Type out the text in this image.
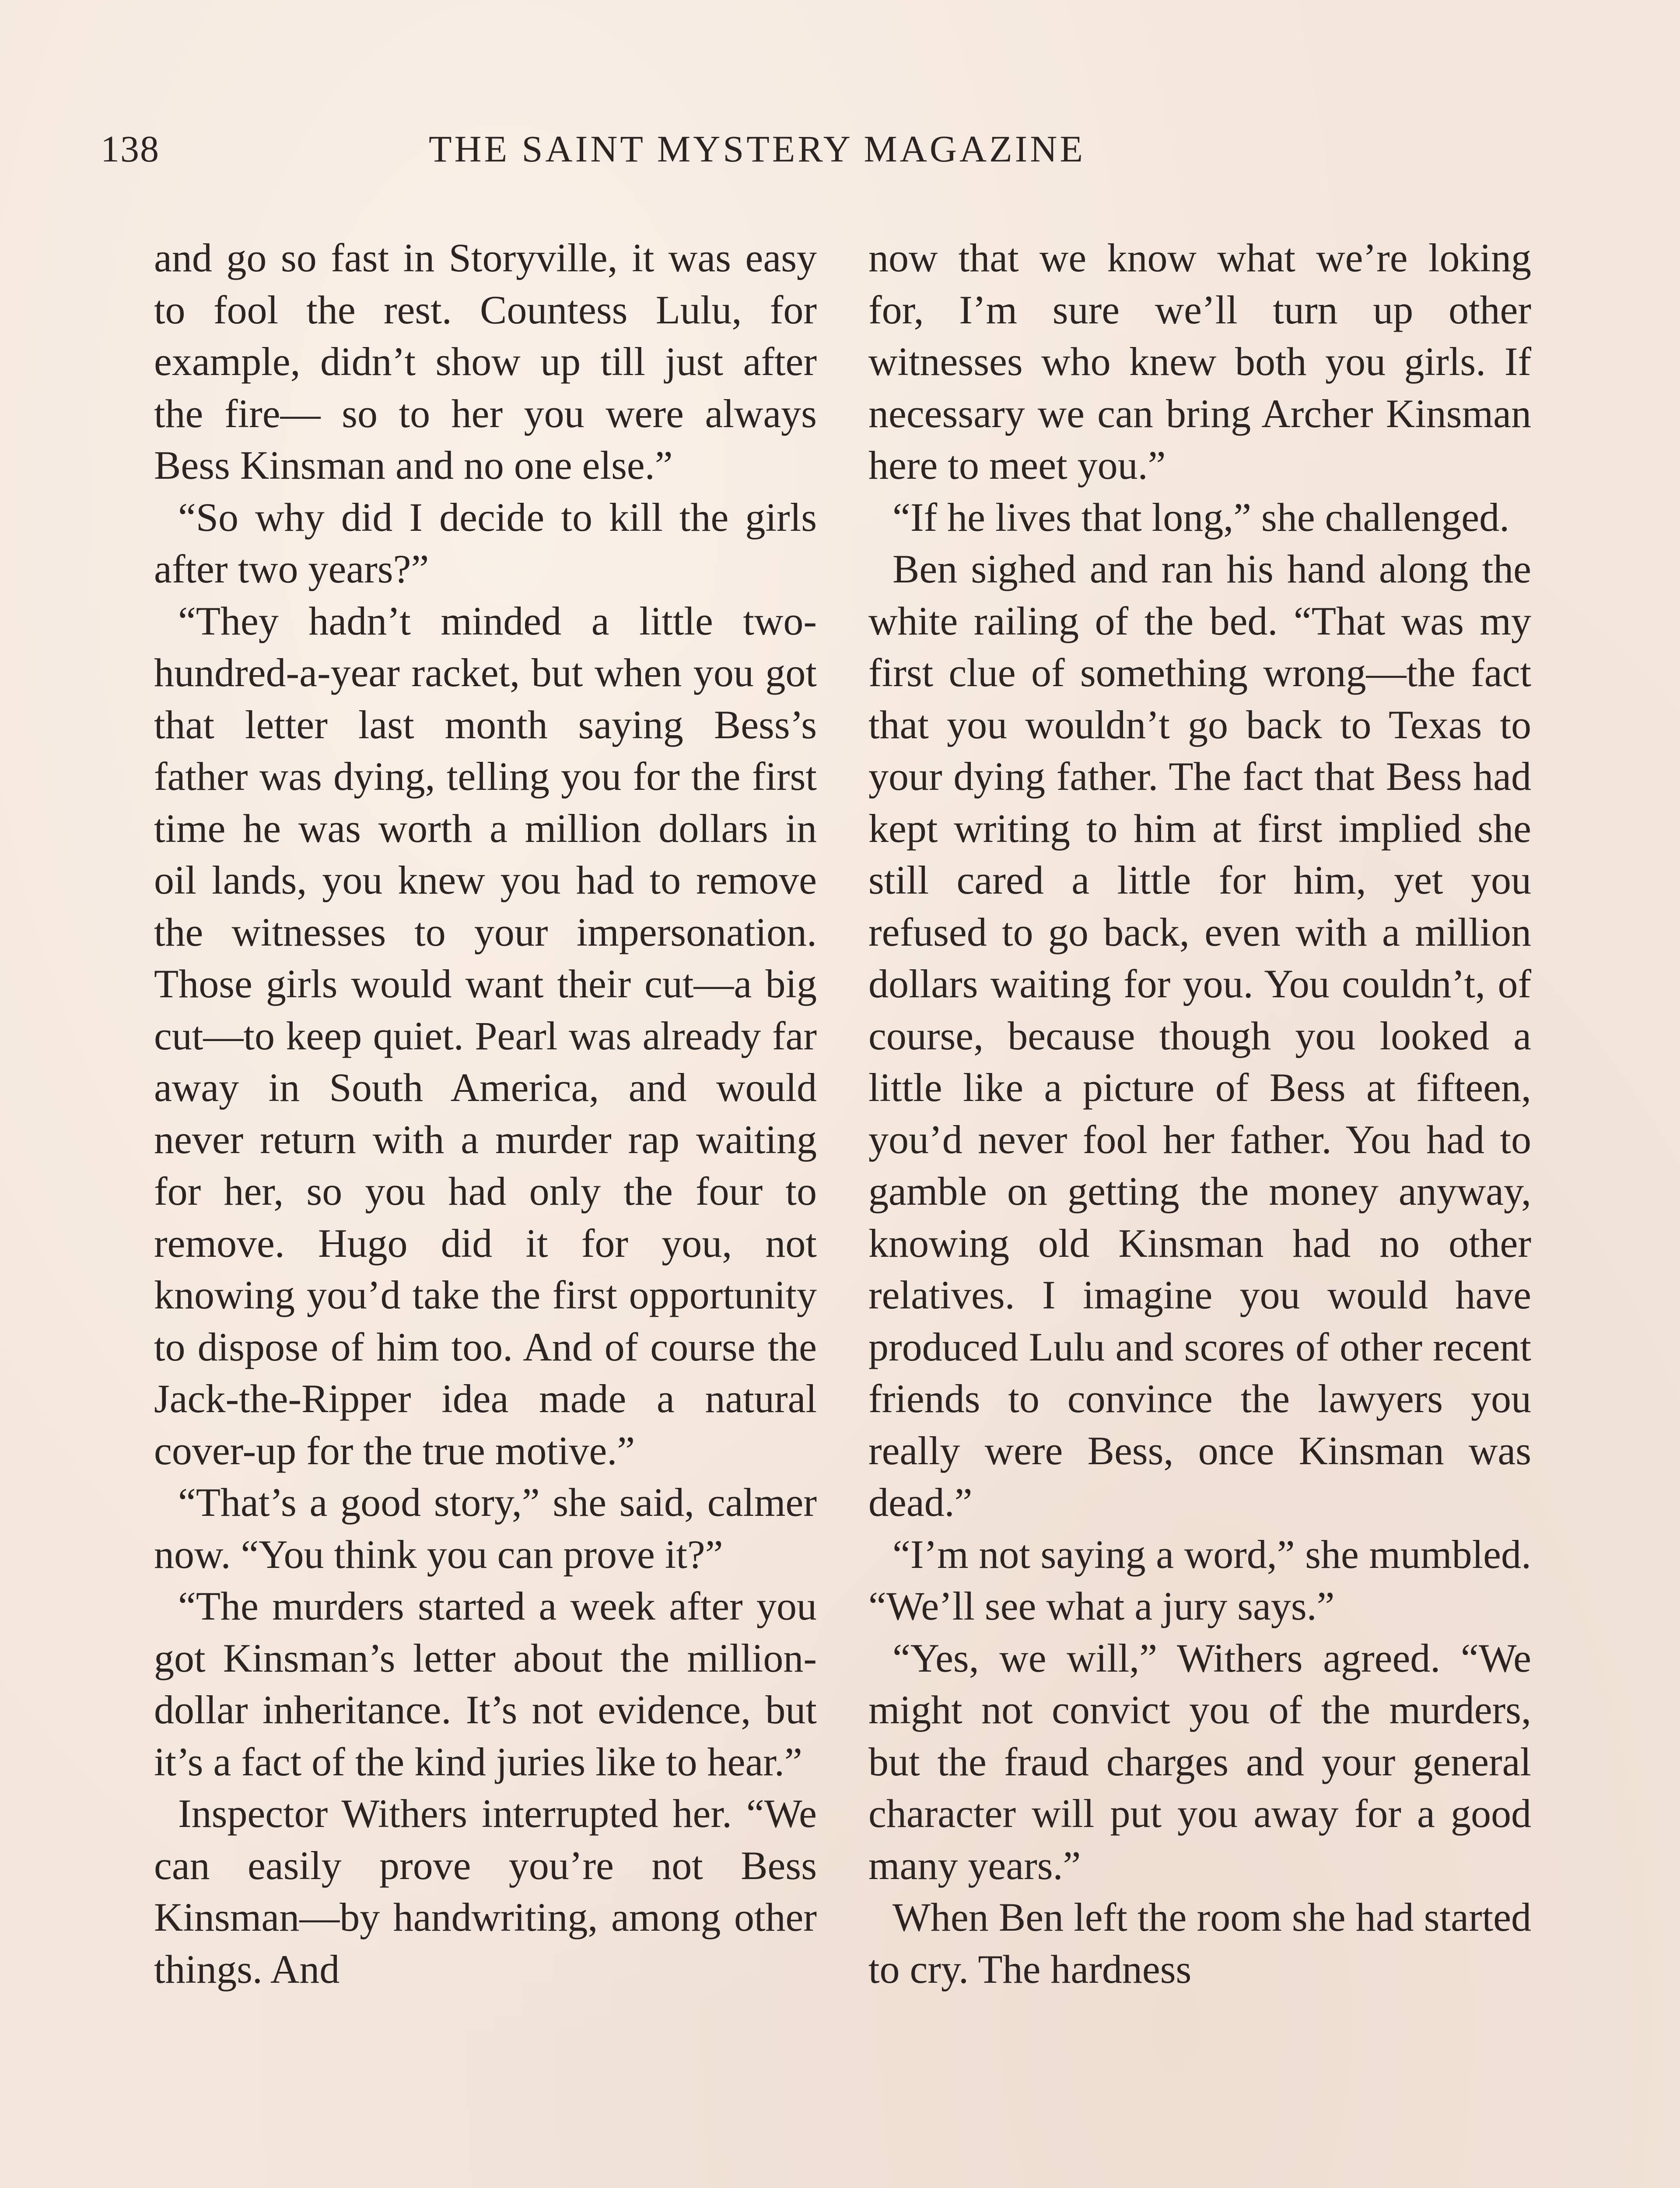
138	THE SAINT MYSTERY MAGAZINE

and go so fast in Storyville, it was easy to fool the rest. Countess Lulu, for example, didn’t show up till just after the fire— so to her you were always Bess Kinsman and no one else.”

“So why did I decide to kill the girls after two years?”

“They hadn’t minded a little two-hundred-a-year racket, but when you got that letter last month saying Bess’s father was dying, telling you for the first time he was worth a million dollars in oil lands, you knew you had to remove the witnesses to your impersonation. Those girls would want their cut—a big cut—to keep quiet. Pearl was already far away in South America, and would never return with a murder rap waiting for her, so you had only the four to remove. Hugo did it for you, not knowing you’d take the first opportunity to dispose of him too. And of course the Jack-the-Ripper idea made a natural cover-up for the true motive.”

“That’s a good story,” she said, calmer now. “You think you can prove it?”

“The murders started a week after you got Kinsman’s letter about the million-dollar inheritance. It’s not evidence, but it’s a fact of the kind juries like to hear.”

Inspector Withers interrupted her. “We can easily prove you’re not Bess Kinsman—by handwriting, among other things. And

now that we know what we’re loking for, I’m sure we’ll turn up other witnesses who knew both you girls. If necessary we can bring Archer Kinsman here to meet you.”

“If he lives that long,” she challenged.

Ben sighed and ran his hand along the white railing of the bed. “That was my first clue of something wrong—the fact that you wouldn’t go back to Texas to your dying father. The fact that Bess had kept writing to him at first implied she still cared a little for him, yet you refused to go back, even with a million dollars waiting for you. You couldn’t, of course, because though you looked a little like a picture of Bess at fifteen, you’d never fool her father. You had to gamble on getting the money anyway, knowing old Kinsman had no other relatives. I imagine you would have produced Lulu and scores of other recent friends to convince the lawyers you really were Bess, once Kinsman was dead.”

“I’m not saying a word,” she mumbled. “We’ll see what a jury says.”

“Yes, we will,” Withers agreed. “We might not convict you of the murders, but the fraud charges and your general character will put you away for a good many years.”

When Ben left the room she had started to cry. The hardness
